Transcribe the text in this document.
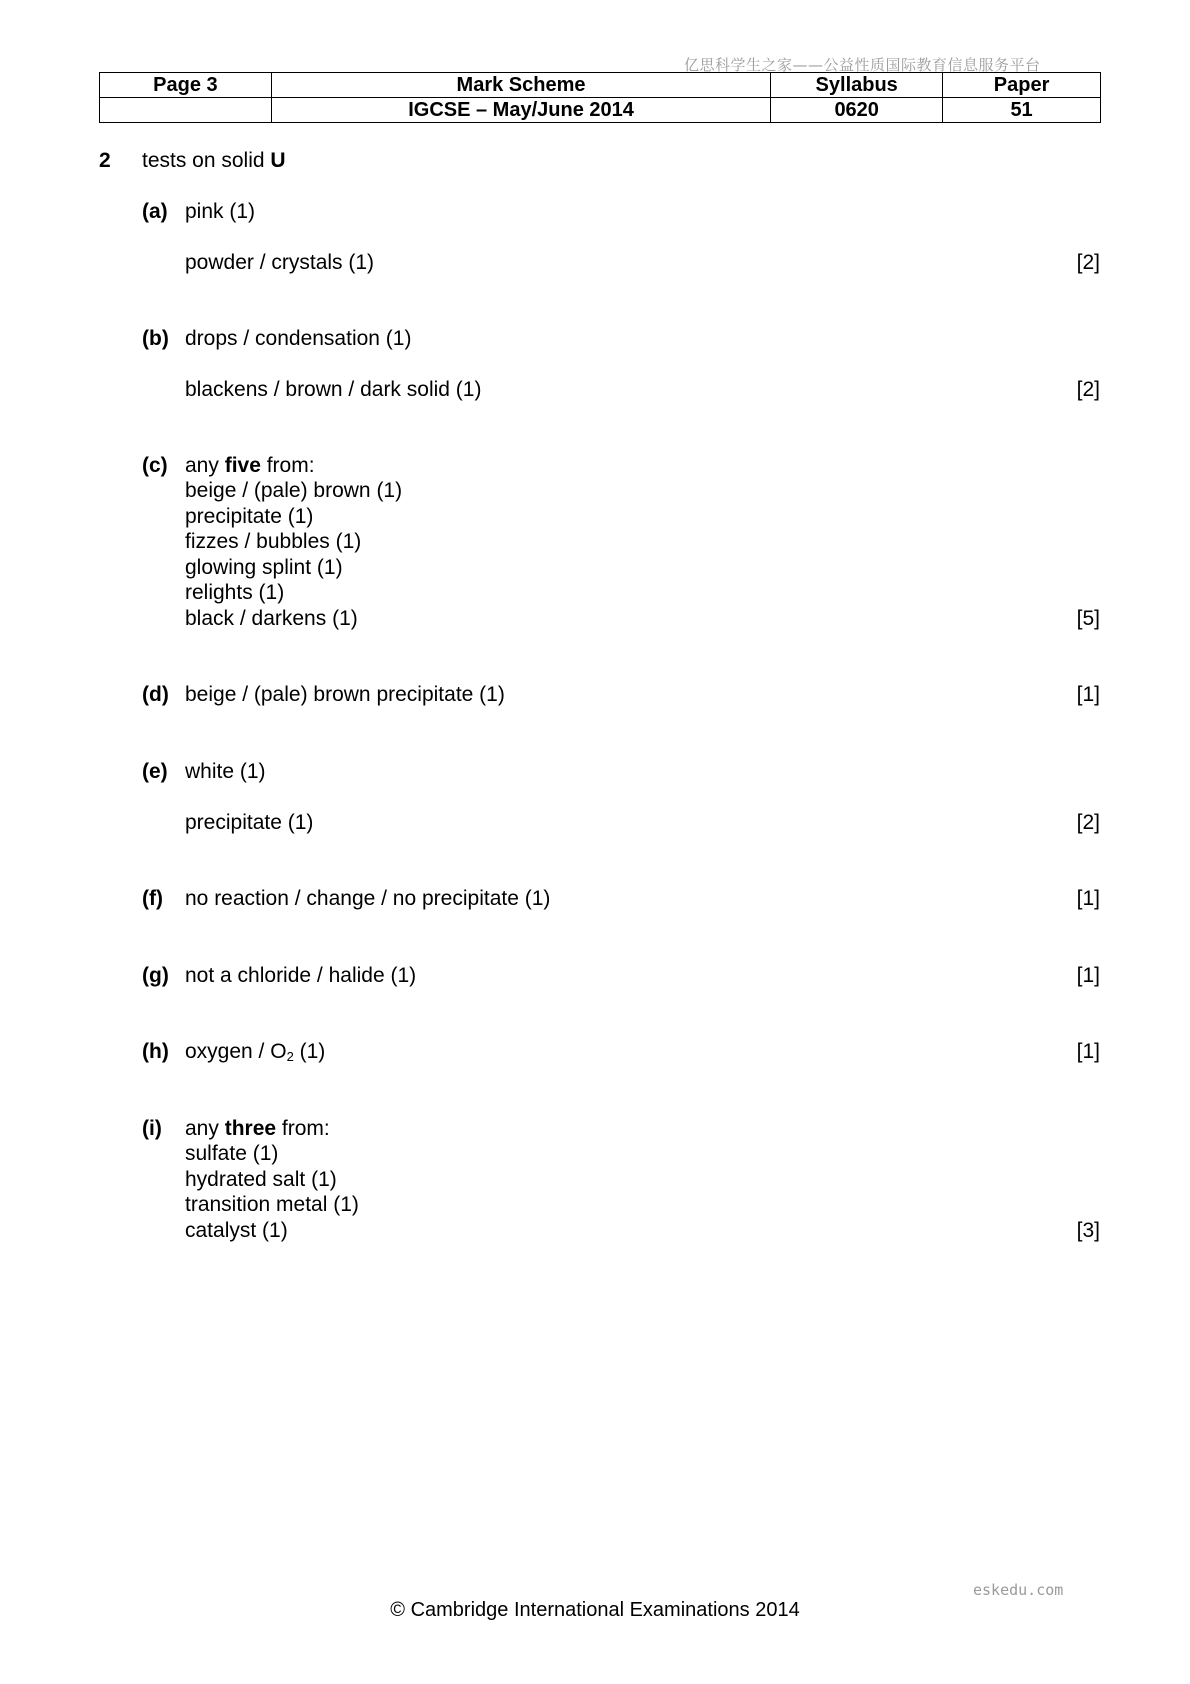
亿思科学生之家——公益性质国际教育信息服务平台
Page 3	Mark Scheme	Syllabus	Paper
	IGCSE – May/June 2014	0620	51
2 tests on solid U
(a) pink (1)
powder / crystals (1)	[2]
(b) drops / condensation (1)
blackens / brown / dark solid (1)	[2]
(c) any five from:
beige / (pale) brown (1)
precipitate (1)
fizzes / bubbles (1)
glowing splint (1)
relights (1)
black / darkens (1)	[5]
(d) beige / (pale) brown precipitate (1)	[1]
(e) white (1)
precipitate (1)	[2]
(f) no reaction / change / no precipitate (1)	[1]
(g) not a chloride / halide (1)	[1]
(h) oxygen / $O_2$ (1)	[1]
(i) any three from:
sulfate (1)
hydrated salt (1)
transition metal (1)
catalyst (1)	[3]
eskedu.com
© Cambridge International Examinations 2014
